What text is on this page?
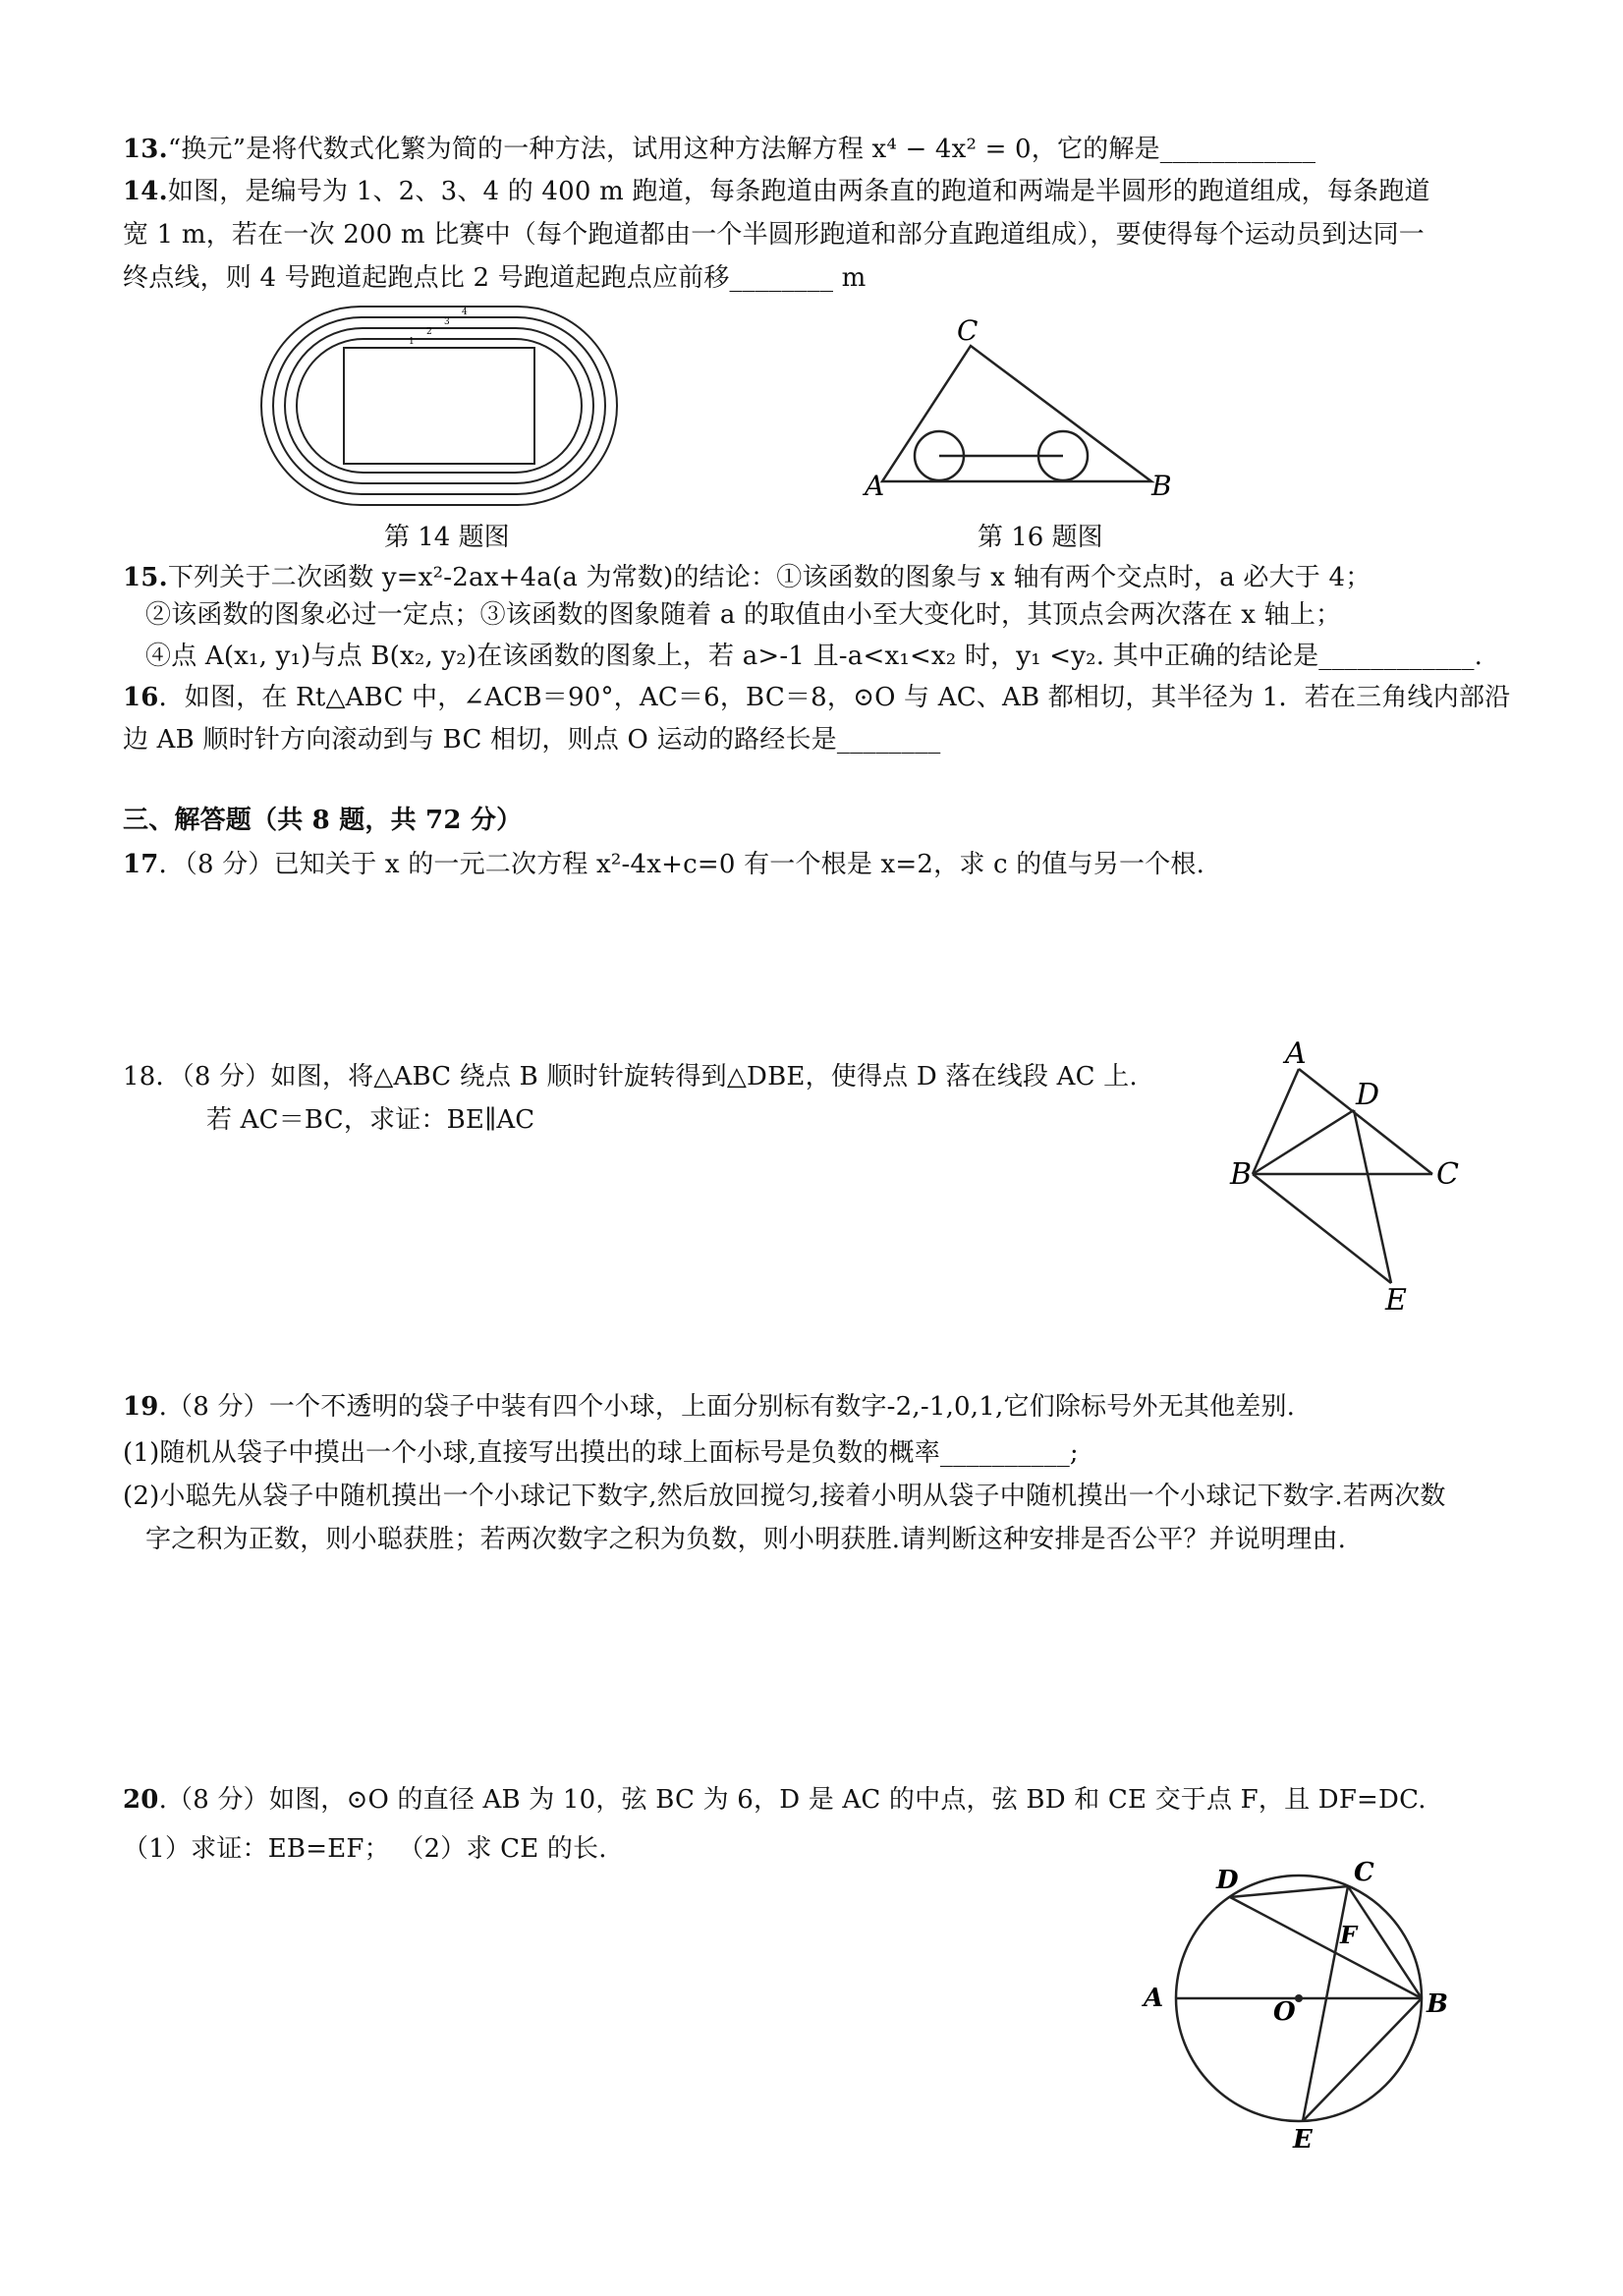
13.“换元”是将代数式化繁为简的一种方法，试用这种方法解方程 x⁴ − 4x² = 0，它的解是____________
14.如图，是编号为 1、2、3、4 的 400 m 跑道，每条跑道由两条直的跑道和两端是半圆形的跑道组成，每条跑道
宽 1 m，若在一次 200 m 比赛中（每个跑道都由一个半圆形跑道和部分直跑道组成），要使得每个运动员到达同一
终点线，则 4 号跑道起跑点比 2 号跑道起跑点应前移________ m
1
2
3
4
第 14 题图
A
C
B
第 16 题图
15.下列关于二次函数 y=x²-2ax+4a(a 为常数)的结论：①该函数的图象与 x 轴有两个交点时，a 必大于 4；
②该函数的图象必过一定点；③该函数的图象随着 a 的取值由小至大变化时，其顶点会两次落在 x 轴上；
④点 A(x₁, y₁)与点 B(x₂, y₂)在该函数的图象上，若 a>-1 且-a<x₁<x₂ 时，y₁ <y₂. 其中正确的结论是____________.
16．如图，在 Rt△ABC 中，∠ACB＝90°，AC＝6，BC＝8，⊙O 与 AC、AB 都相切，其半径为 1．若在三角线内部沿
边 AB 顺时针方向滚动到与 BC 相切，则点 O 运动的路经长是________
三、解答题（共 8 题，共 72 分）
17．（8 分）已知关于 x 的一元二次方程 x²-4x+c=0 有一个根是 x=2，求 c 的值与另一个根.
18．（8 分）如图，将△ABC 绕点 B 顺时针旋转得到△DBE，使得点 D 落在线段 AC 上.
若 AC＝BC，求证：BE∥AC
A
D
B	C
E
19.（8 分）一个不透明的袋子中装有四个小球，上面分别标有数字-2,-1,0,1,它们除标号外无其他差别.
(1)随机从袋子中摸出一个小球,直接写出摸出的球上面标号是负数的概率__________;
(2)小聪先从袋子中随机摸出一个小球记下数字,然后放回搅匀,接着小明从袋子中随机摸出一个小球记下数字.若两次数
字之积为正数，则小聪获胜；若两次数字之积为负数，则小明获胜.请判断这种安排是否公平？并说明理由.
20.（8 分）如图，⊙O 的直径 AB 为 10，弦 BC 为 6，D 是 AC 的中点，弦 BD 和 CE 交于点 F，且 DF=DC.
（1）求证：EB=EF； （2）求 CE 的长.
D	C
F
A	O	B
E
